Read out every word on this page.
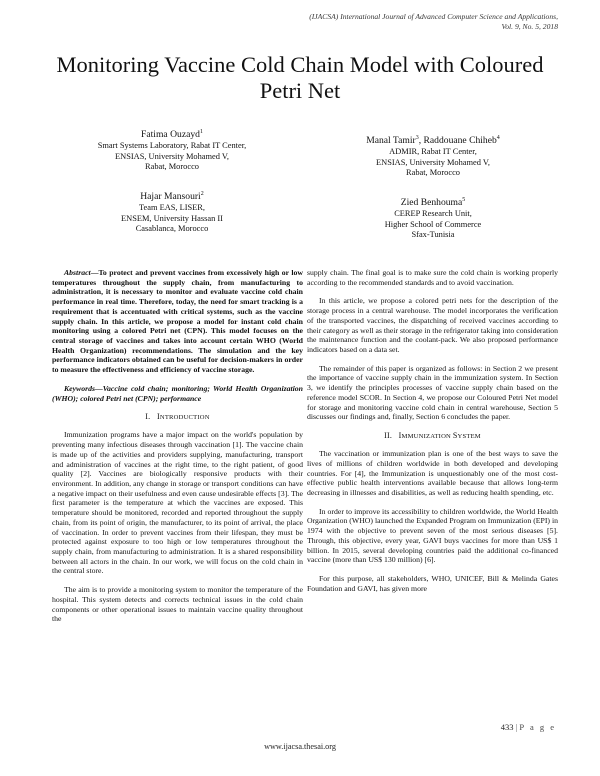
(IJACSA) International Journal of Advanced Computer Science and Applications,
Vol. 9, No. 5, 2018
Monitoring Vaccine Cold Chain Model with Coloured Petri Net
Fatima Ouzayd$^1$
Smart Systems Laboratory, Rabat IT Center,
ENSIAS, University Mohamed V,
Rabat, Morocco
Hajar Mansouri$^2$
Team EAS, LISER,
ENSEM, University Hassan II
Casablanca, Morocco
Manal Tamir$^3$, Raddouane Chiheb$^4$
ADMIR, Rabat IT Center,
ENSIAS, University Mohamed V,
Rabat, Morocco
Zied Benhouma$^5$
CEREP Research Unit,
Higher School of Commerce
Sfax-Tunisia

Abstract—To protect and prevent vaccines from excessively high or low temperatures throughout the supply chain, from manufacturing to administration, it is necessary to monitor and evaluate vaccine cold chain performance in real time. Therefore, today, the need for smart tracking is a requirement that is accentuated with critical systems, such as the vaccine supply chain. In this article, we propose a model for instant cold chain monitoring using a colored Petri net (CPN). This model focuses on the central storage of vaccines and takes into account certain WHO (World Health Organization) recommendations. The simulation and the key performance indicators obtained can be useful for decision-makers in order to measure the effectiveness and efficiency of vaccine storage.

Keywords—Vaccine cold chain; monitoring; World Health Organization (WHO); colored Petri net (CPN); performance

I. INTRODUCTION

Immunization programs have a major impact on the world's population by preventing many infectious diseases through vaccination [1]. The vaccine chain is made up of the activities and providers supplying, manufacturing, transport and administration of vaccines at the right time, to the right patient, of good quality [2]. Vaccines are biologically responsive products with their environment. In addition, any change in storage or transport conditions can have a negative impact on their usefulness and even cause undesirable effects [3]. The first parameter is the temperature at which the vaccines are exposed. This temperature should be monitored, recorded and reported throughout the supply chain, from its point of origin, the manufacturer, to its point of arrival, the place of vaccination. In order to prevent vaccines from their lifespan, they must be protected against exposure to too high or low temperatures throughout the supply chain, from manufacturing to administration. It is a shared responsibility between all actors in the chain. In our work, we will focus on the cold chain in the central store.

The aim is to provide a monitoring system to monitor the temperature of the hospital. This system detects and corrects technical issues in the cold chain components or other operational issues to maintain vaccine quality throughout the

supply chain. The final goal is to make sure the cold chain is working properly according to the recommended standards and to avoid vaccination.

In this article, we propose a colored petri nets for the description of the storage process in a central warehouse. The model incorporates the verification of the transported vaccines, the dispatching of received vaccines according to their category as well as their storage in the refrigerator taking into consideration the maintenance function and the coolant-pack. We also proposed performance indicators based on a data set.

The remainder of this paper is organized as follows: in Section 2 we present the importance of vaccine supply chain in the immunization system. In Section 3, we identify the principles processes of vaccine supply chain based on the reference model SCOR. In Section 4, we propose our Coloured Petri Net model for storage and monitoring vaccine cold chain in central warehouse, Section 5 discusses our findings and, finally, Section 6 concludes the paper.

II. IMMUNIZATION SYSTEM

The vaccination or immunization plan is one of the best ways to save the lives of millions of children worldwide in both developed and developing countries. For [4], the Immunization is unquestionably one of the most cost-effective public health interventions available because that allows long-term decreasing in illnesses and disabilities, as well as reducing health spending, etc.

In order to improve its accessibility to children worldwide, the World Health Organization (WHO) launched the Expanded Program on Immunization (EPI) in 1974 with the objective to prevent seven of the most serious diseases [5]. Through, this objective, every year, GAVI buys vaccines for more than US$ 1 billion. In 2015, several developing countries paid the additional co-financed vaccine (more than US$ 130 million) [6].

For this purpose, all stakeholders, WHO, UNICEF, Bill & Melinda Gates Foundation and GAVI, has given more

433 | P a g e
www.ijacsa.thesai.org
